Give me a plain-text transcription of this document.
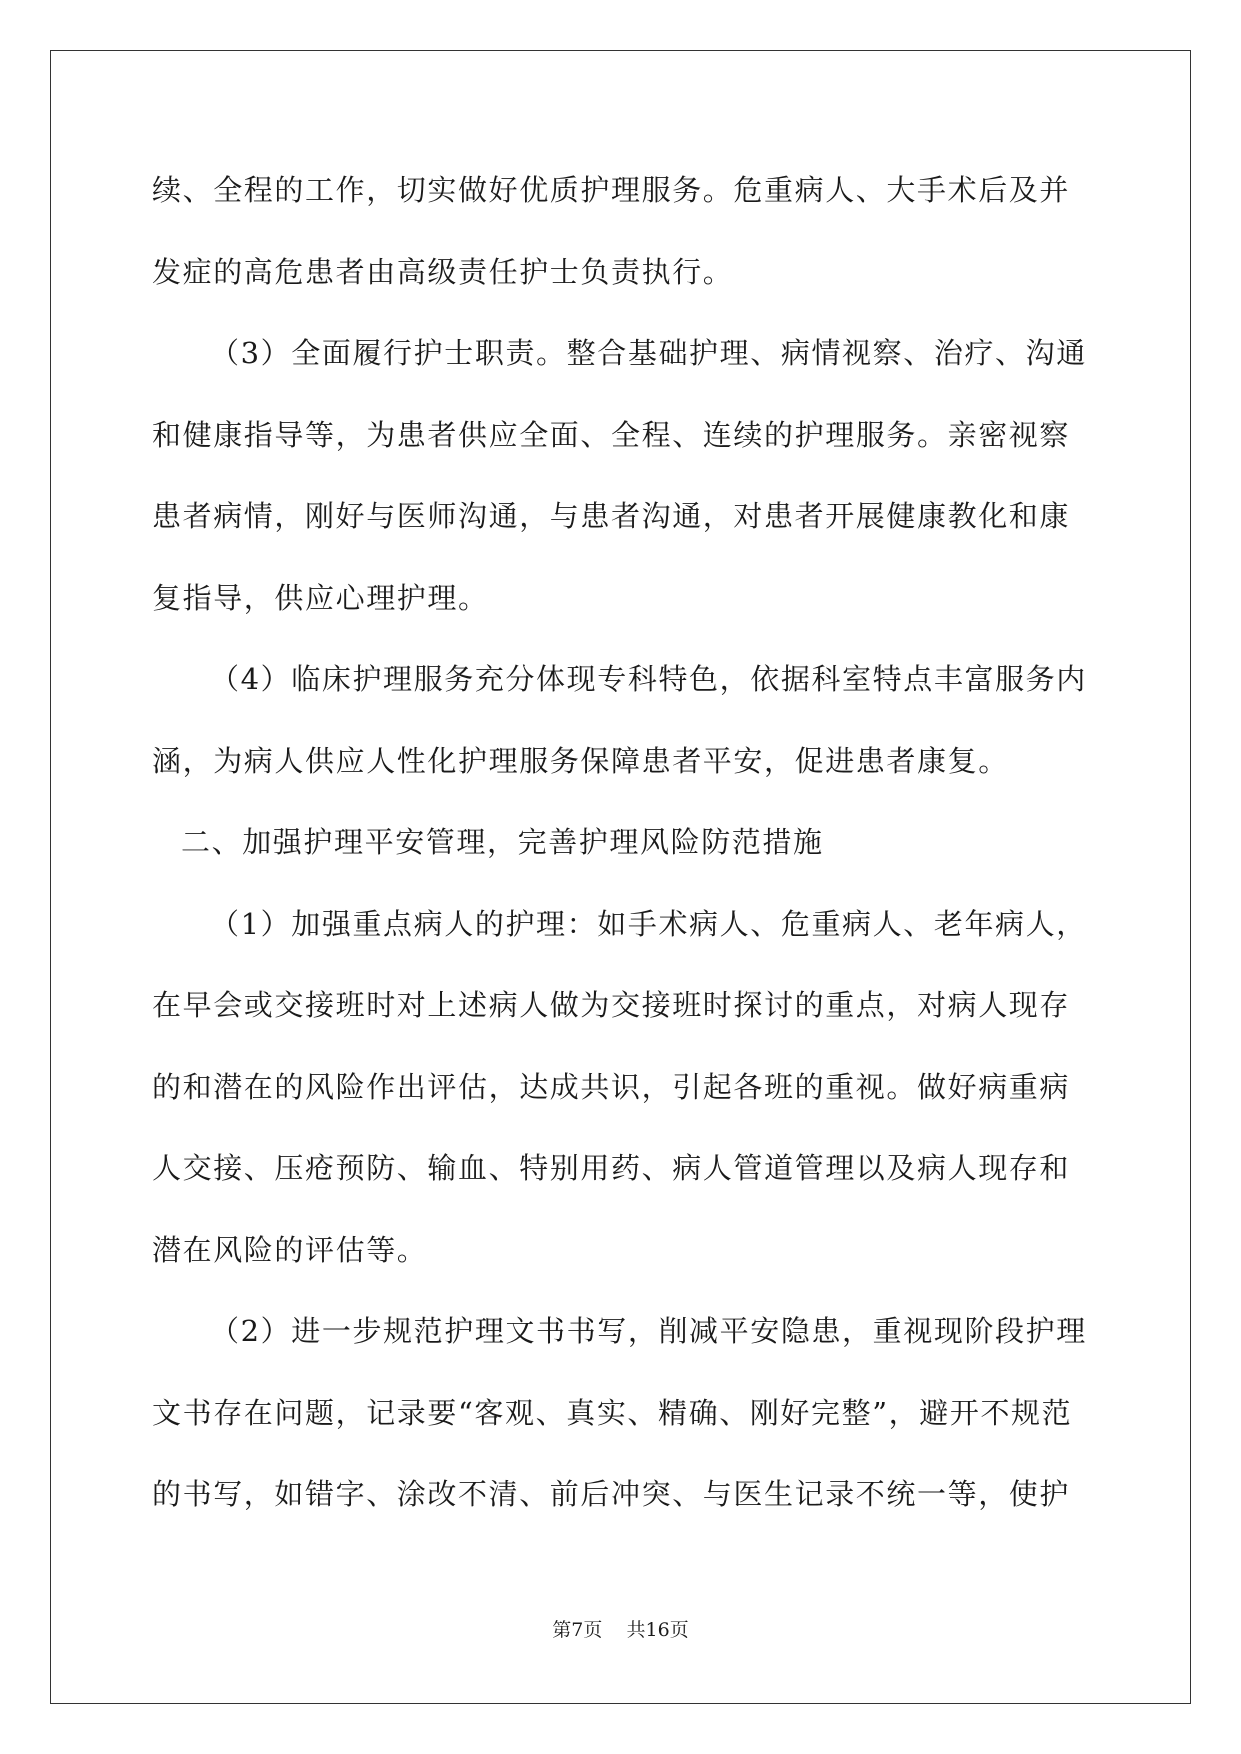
续、全程的工作，切实做好优质护理服务。危重病人、大手术后及并
发症的高危患者由高级责任护士负责执行。
（3）全面履行护士职责。整合基础护理、病情视察、治疗、沟通
和健康指导等，为患者供应全面、全程、连续的护理服务。亲密视察
患者病情，刚好与医师沟通，与患者沟通，对患者开展健康教化和康
复指导，供应心理护理。
（4）临床护理服务充分体现专科特色，依据科室特点丰富服务内
涵，为病人供应人性化护理服务保障患者平安，促进患者康复。
二、加强护理平安管理，完善护理风险防范措施
（1）加强重点病人的护理：如手术病人、危重病人、老年病人，
在早会或交接班时对上述病人做为交接班时探讨的重点，对病人现存
的和潜在的风险作出评估，达成共识，引起各班的重视。做好病重病
人交接、压疮预防、输血、特别用药、病人管道管理以及病人现存和
潜在风险的评估等。
（2）进一步规范护理文书书写，削减平安隐患，重视现阶段护理
文书存在问题，记录要“客观、真实、精确、刚好完整”，避开不规范
的书写，如错字、涂改不清、前后冲突、与医生记录不统一等，使护
第7页 共16页
